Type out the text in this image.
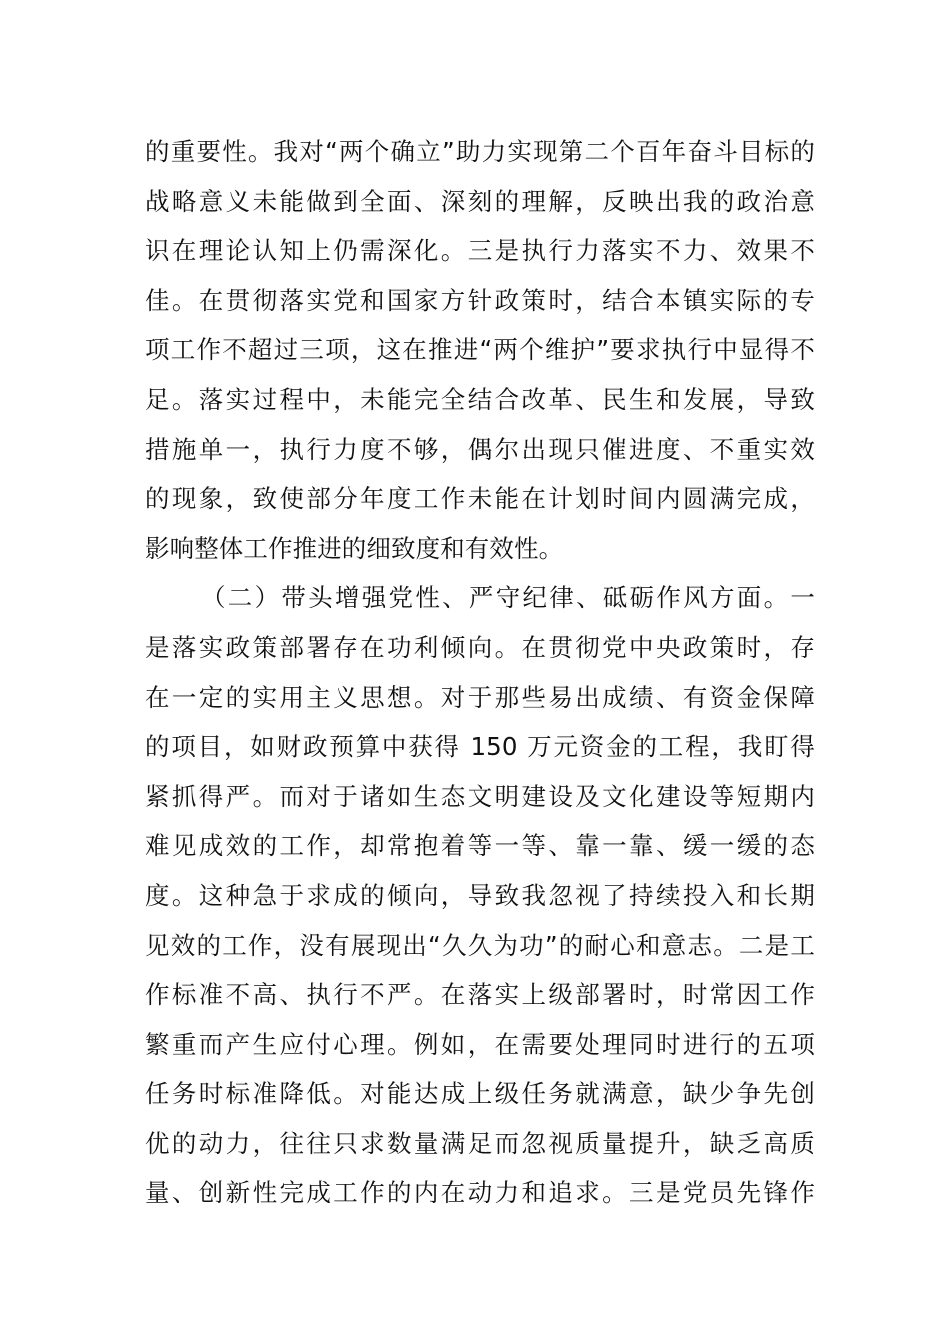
的重要性。我对“两个确立”助力实现第二个百年奋斗目标的
战略意义未能做到全面、深刻的理解，反映出我的政治意
识在理论认知上仍需深化。三是执行力落实不力、效果不
佳。在贯彻落实党和国家方针政策时，结合本镇实际的专
项工作不超过三项，这在推进“两个维护”要求执行中显得不
足。落实过程中，未能完全结合改革、民生和发展，导致
措施单一，执行力度不够，偶尔出现只催进度、不重实效
的现象，致使部分年度工作未能在计划时间内圆满完成，
影响整体工作推进的细致度和有效性。
（二）带头增强党性、严守纪律、砥砺作风方面。一
是落实政策部署存在功利倾向。在贯彻党中央政策时，存
在一定的实用主义思想。对于那些易出成绩、有资金保障
的项目，如财政预算中获得 150 万元资金的工程，我盯得
紧抓得严。而对于诸如生态文明建设及文化建设等短期内
难见成效的工作，却常抱着等一等、靠一靠、缓一缓的态
度。这种急于求成的倾向，导致我忽视了持续投入和长期
见效的工作，没有展现出“久久为功”的耐心和意志。二是工
作标准不高、执行不严。在落实上级部署时，时常因工作
繁重而产生应付心理。例如，在需要处理同时进行的五项
任务时标准降低。对能达成上级任务就满意，缺少争先创
优的动力，往往只求数量满足而忽视质量提升，缺乏高质
量、创新性完成工作的内在动力和追求。三是党员先锋作
